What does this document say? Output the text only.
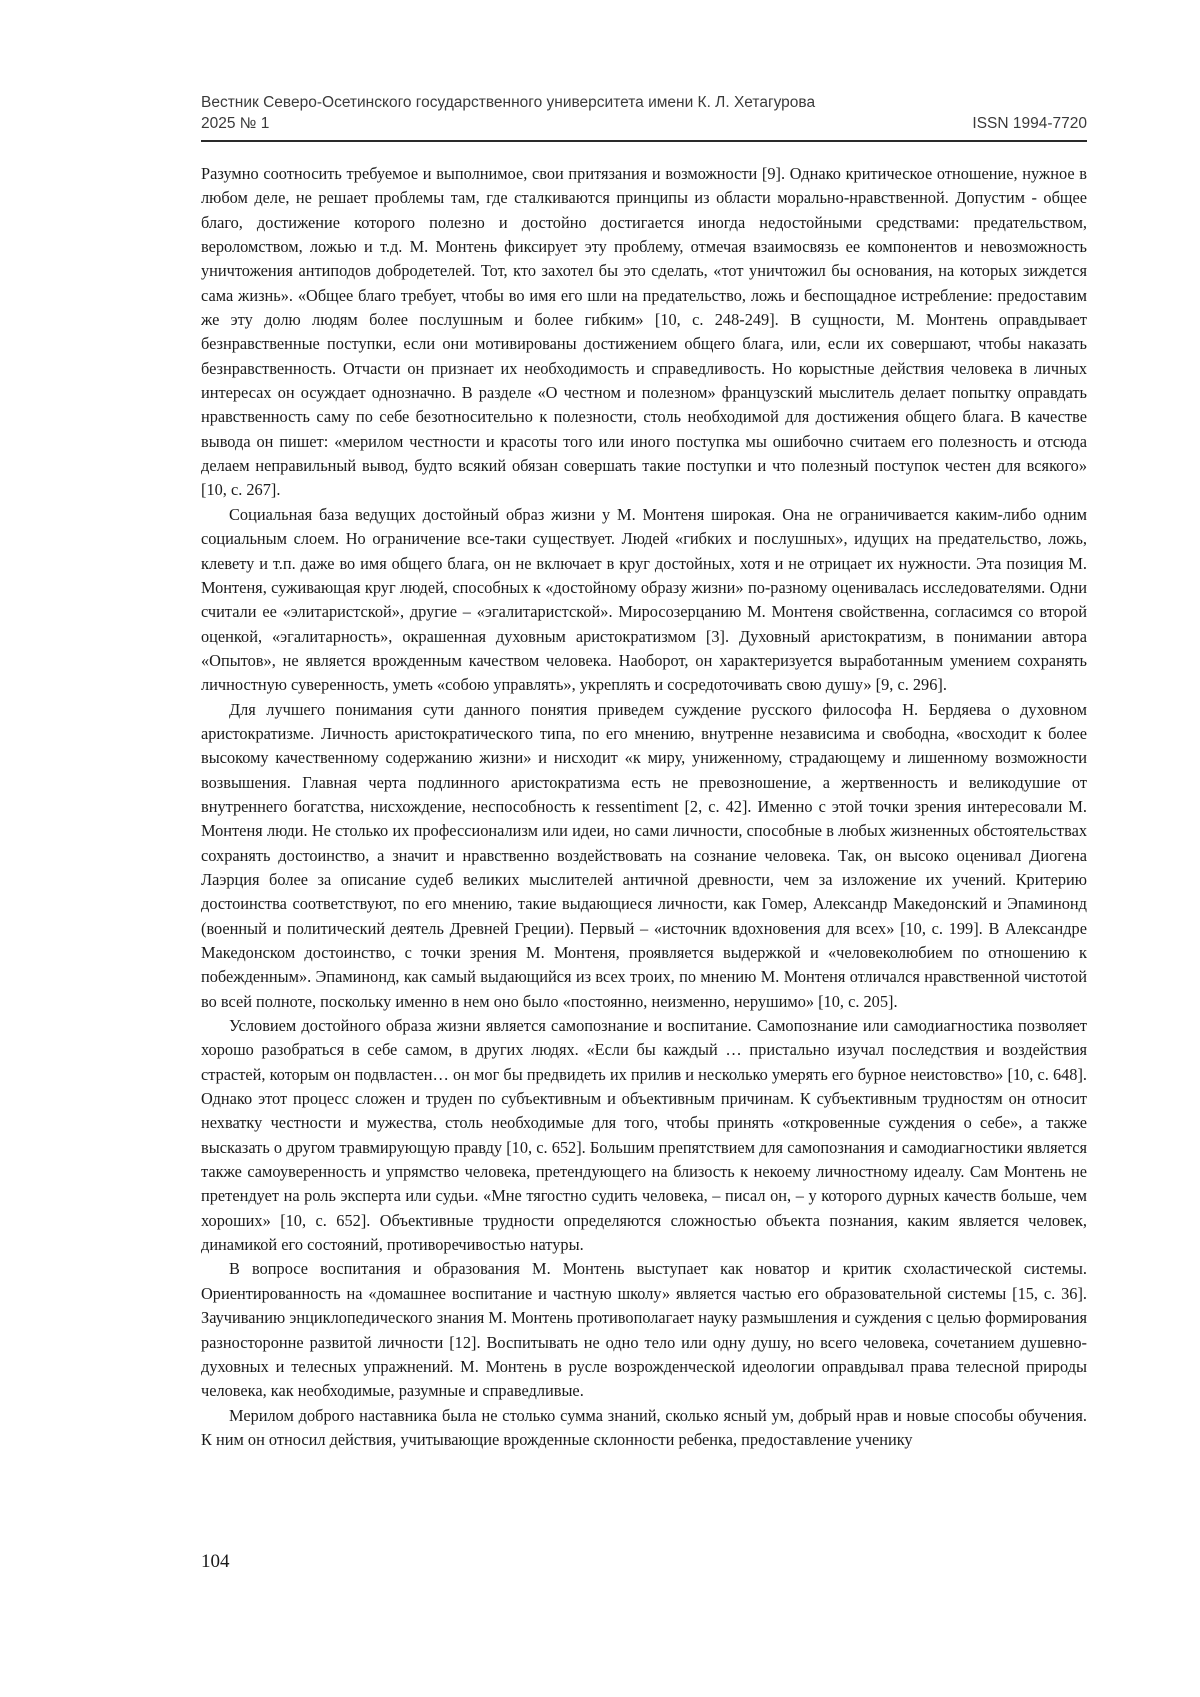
Вестник Северо-Осетинского государственного университета имени К. Л. Хетагурова
2025 № 1	ISSN 1994-7720

Разумно соотносить требуемое и выполнимое, свои притязания и возможности [9]. Однако критическое отношение, нужное в любом деле, не решает проблемы там, где сталкиваются принципы из области морально-нравственной. Допустим - общее благо, достижение которого полезно и достойно достигается иногда недостойными средствами: предательством, вероломством, ложью и т.д. М. Монтень фиксирует эту проблему, отмечая взаимосвязь ее компонентов и невозможность уничтожения антиподов добродетелей. Тот, кто захотел бы это сделать, «тот уничтожил бы основания, на которых зиждется сама жизнь». «Общее благо требует, чтобы во имя его шли на предательство, ложь и беспощадное истребление: предоставим же эту долю людям более послушным и более гибким» [10, с. 248-249]. В сущности, М. Монтень оправдывает безнравственные поступки, если они мотивированы достижением общего блага, или, если их совершают, чтобы наказать безнравственность. Отчасти он признает их необходимость и справедливость. Но корыстные действия человека в личных интересах он осуждает однозначно. В разделе «О честном и полезном» французский мыслитель делает попытку оправдать нравственность саму по себе безотносительно к полезности, столь необходимой для достижения общего блага. В качестве вывода он пишет: «мерилом честности и красоты того или иного поступка мы ошибочно считаем его полезность и отсюда делаем неправильный вывод, будто всякий обязан совершать такие поступки и что полезный поступок честен для всякого» [10, с. 267].

Социальная база ведущих достойный образ жизни у М. Монтеня широкая. Она не ограничивается каким-либо одним социальным слоем. Но ограничение все-таки существует. Людей «гибких и послушных», идущих на предательство, ложь, клевету и т.п. даже во имя общего блага, он не включает в круг достойных, хотя и не отрицает их нужности. Эта позиция М. Монтеня, суживающая круг людей, способных к «достойному образу жизни» по-разному оценивалась исследователями. Одни считали ее «элитаристской», другие – «эгалитаристской». Миросозерцанию М. Монтеня свойственна, согласимся со второй оценкой, «эгалитарность», окрашенная духовным аристократизмом [3]. Духовный аристократизм, в понимании автора «Опытов», не является врожденным качеством человека. Наоборот, он характеризуется выработанным умением сохранять личностную суверенность, уметь «собою управлять», укреплять и сосредоточивать свою душу» [9, с. 296].

Для лучшего понимания сути данного понятия приведем суждение русского философа Н. Бердяева о духовном аристократизме. Личность аристократического типа, по его мнению, внутренне независима и свободна, «восходит к более высокому качественному содержанию жизни» и нисходит «к миру, униженному, страдающему и лишенному возможности возвышения. Главная черта подлинного аристократизма есть не превозношение, а жертвенность и великодушие от внутреннего богатства, нисхождение, неспособность к ressentiment [2, с. 42]. Именно с этой точки зрения интересовали М. Монтеня люди. Не столько их профессионализм или идеи, но сами личности, способные в любых жизненных обстоятельствах сохранять достоинство, а значит и нравственно воздействовать на сознание человека. Так, он высоко оценивал Диогена Лаэрция более за описание судеб великих мыслителей античной древности, чем за изложение их учений. Критерию достоинства соответствуют, по его мнению, такие выдающиеся личности, как Гомер, Александр Македонский и Эпаминонд (военный и политический деятель Древней Греции). Первый – «источник вдохновения для всех» [10, с. 199]. В Александре Македонском достоинство, с точки зрения М. Монтеня, проявляется выдержкой и «человеколюбием по отношению к побежденным». Эпаминонд, как самый выдающийся из всех троих, по мнению М. Монтеня отличался нравственной чистотой во всей полноте, поскольку именно в нем оно было «постоянно, неизменно, нерушимо» [10, с. 205].

Условием достойного образа жизни является самопознание и воспитание. Самопознание или самодиагностика позволяет хорошо разобраться в себе самом, в других людях. «Если бы каждый … пристально изучал последствия и воздействия страстей, которым он подвластен… он мог бы предвидеть их прилив и несколько умерять его бурное неистовство» [10, с. 648]. Однако этот процесс сложен и труден по субъективным и объективным причинам. К субъективным трудностям он относит нехватку честности и мужества, столь необходимые для того, чтобы принять «откровенные суждения о себе», а также высказать о другом травмирующую правду [10, с. 652]. Большим препятствием для самопознания и самодиагностики является также самоуверенность и упрямство человека, претендующего на близость к некоему личностному идеалу. Сам Монтень не претендует на роль эксперта или судьи. «Мне тягостно судить человека, – писал он, – у которого дурных качеств больше, чем хороших» [10, с. 652]. Объективные трудности определяются сложностью объекта познания, каким является человек, динамикой его состояний, противоречивостью натуры.

В вопросе воспитания и образования М. Монтень выступает как новатор и критик схоластической системы. Ориентированность на «домашнее воспитание и частную школу» является частью его образовательной системы [15, с. 36]. Заучиванию энциклопедического знания М. Монтень противополагает науку размышления и суждения с целью формирования разносторонне развитой личности [12]. Воспитывать не одно тело или одну душу, но всего человека, сочетанием душевно-духовных и телесных упражнений. М. Монтень в русле возрожденческой идеологии оправдывал права телесной природы человека, как необходимые, разумные и справедливые.

Мерилом доброго наставника была не столько сумма знаний, сколько ясный ум, добрый нрав и новые способы обучения. К ним он относил действия, учитывающие врожденные склонности ребенка, предоставление ученику

104
